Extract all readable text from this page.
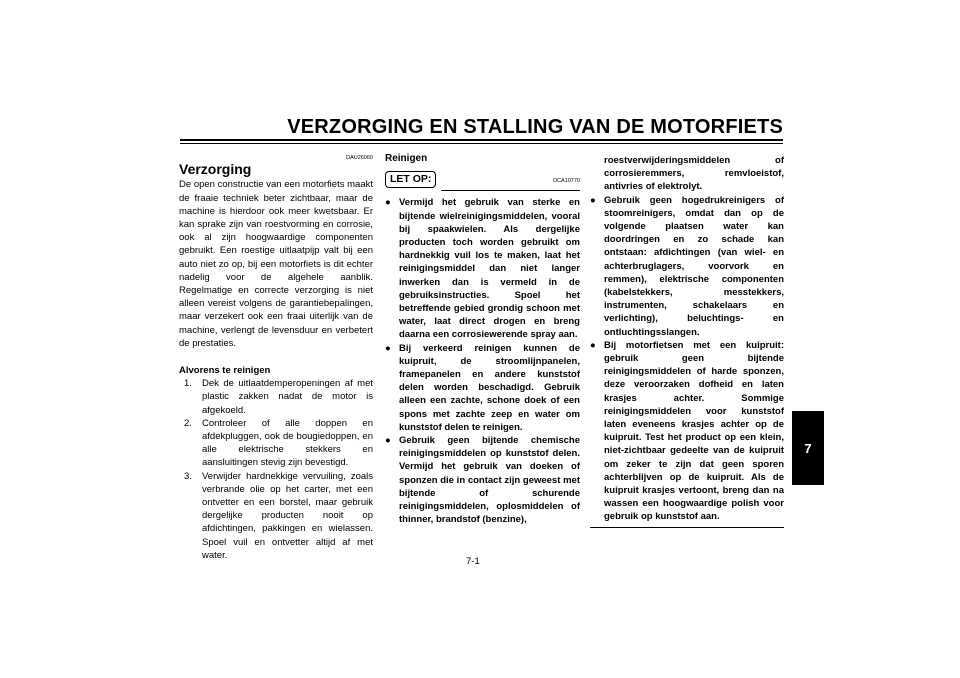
VERZORGING EN STALLING VAN DE MOTORFIETS
DAU26060
Verzorging

De open constructie van een motorfiets maakt de fraaie techniek beter zichtbaar, maar de machine is hierdoor ook meer kwetsbaar. Er kan sprake zijn van roestvorming en corrosie, ook al zijn hoogwaardige componenten gebruikt. Een roestige uitlaatpijp valt bij een auto niet zo op, bij een motorfiets is dit echter nadelig voor de algehele aanblik. Regelmatige en correcte verzorging is niet alleen vereist volgens de garantiebepalingen, maar verzekert ook een fraai uiterlijk van de machine, verlengt de levensduur en verbetert de prestaties.

Alvorens te reinigen

1. Dek de uitlaatdemperopeningen af met plastic zakken nadat de motor is afgekoeld.
2. Controleer of alle doppen en afdekpluggen, ook de bougiedoppen, en alle elektrische stekkers en aansluitingen stevig zijn bevestigd.
3. Verwijder hardnekkige vervuiling, zoals verbrande olie op het carter, met een ontvetter en een borstel, maar gebruik dergelijke producten nooit op afdichtingen, pakkingen en wielassen. Spoel vuil en ontvetter altijd af met water.
Reinigen
LET OP:	DCA10770

● Vermijd het gebruik van sterke en bijtende wielreinigingsmiddelen, vooral bij spaakwielen. Als dergelijke producten toch worden gebruikt om hardnekkig vuil los te maken, laat het reinigingsmiddel dan niet langer inwerken dan is vermeld in de gebruiksinstructies. Spoel het betreffende gebied grondig schoon met water, laat direct drogen en breng daarna een corrosiewerende spray aan.

● Bij verkeerd reinigen kunnen de kuipruit, de stroomlijnpanelen, framepanelen en andere kunststof delen worden beschadigd. Gebruik alleen een zachte, schone doek of een spons met zachte zeep en water om kunststof delen te reinigen.

● Gebruik geen bijtende chemische reinigingsmiddelen op kunststof delen. Vermijd het gebruik van doeken of sponzen die in contact zijn geweest met bijtende of schurende reinigingsmiddelen, oplosmiddelen of thinner, brandstof (benzine),

roestverwijderingsmiddelen of corrosieremmers, remvloeistof, antivries of elektrolyt.

● Gebruik geen hogedrukreinigers of stoomreinigers, omdat dan op de volgende plaatsen water kan doordringen en zo schade kan ontstaan: afdichtingen (van wiel- en achterbruglagers, voorvork en remmen), elektrische componenten (kabelstekkers, messtekkers, instrumenten, schakelaars en verlichting), beluchtings- en ontluchtingsslangen.

● Bij motorfietsen met een kuipruit: gebruik geen bijtende reinigingsmiddelen of harde sponzen, deze veroorzaken dofheid en laten krasjes achter. Sommige reinigingsmiddelen voor kunststof laten eveneens krasjes achter op de kuipruit. Test het product op een klein, niet-zichtbaar gedeelte van de kuipruit om zeker te zijn dat geen sporen achterblijven op de kuipruit. Als de kuipruit krasjes vertoont, breng dan na wassen een hoogwaardige polish voor gebruik op kunststof aan.

7
7-1
